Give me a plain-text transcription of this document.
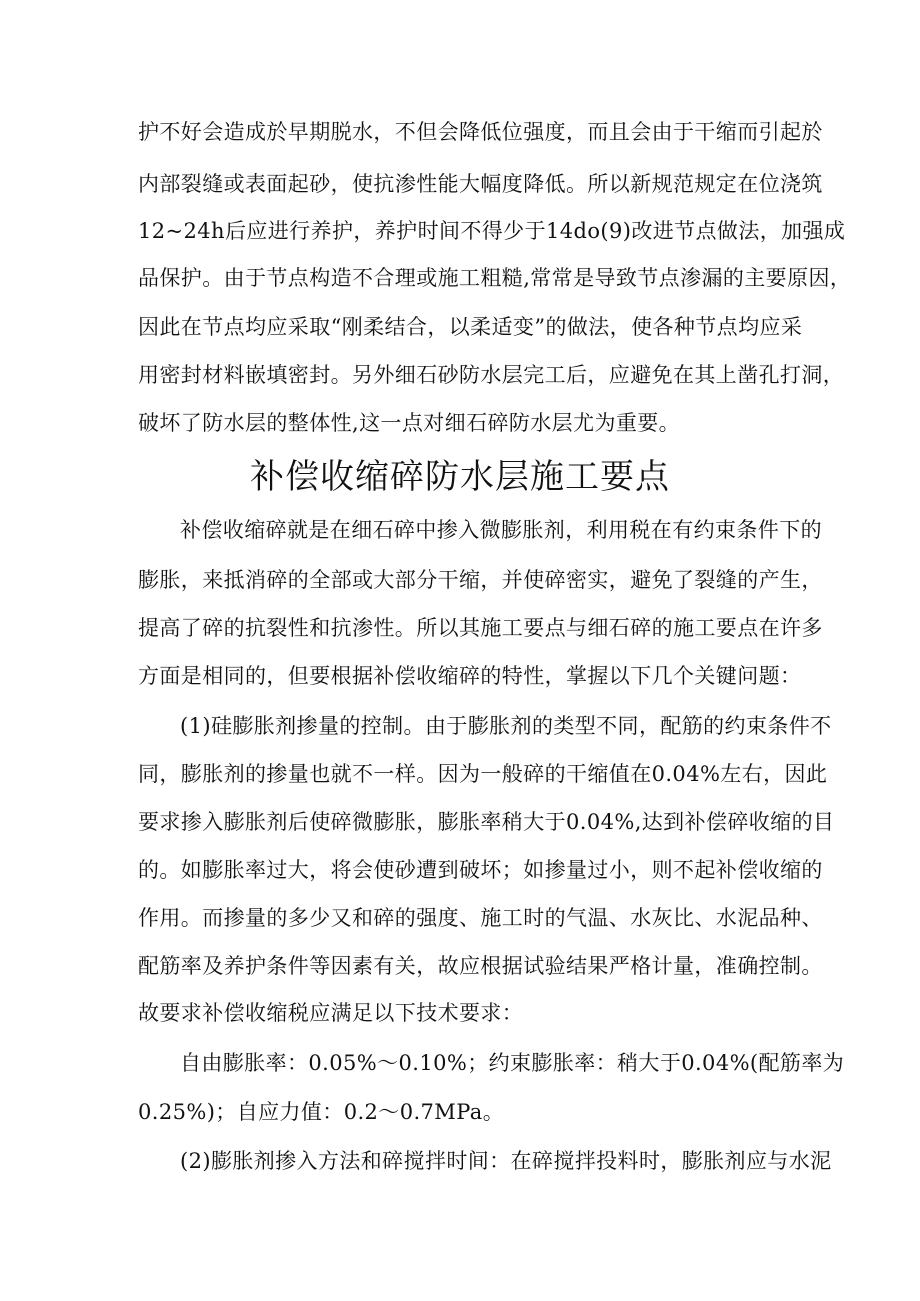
护不好会造成於早期脱水，不但会降低位强度，而且会由于干缩而引起於
内部裂缝或表面起砂，使抗渗性能大幅度降低。所以新规范规定在位浇筑
12~24h后应进行养护，养护时间不得少于14do(9)改进节点做法，加强成
品保护。由于节点构造不合理或施工粗糙,常常是导致节点渗漏的主要原因，
因此在节点均应采取“刚柔结合，以柔适变”的做法，使各种节点均应采
用密封材料嵌填密封。另外细石砂防水层完工后，应避免在其上凿孔打洞，
破坏了防水层的整体性,这一点对细石碎防水层尤为重要。
补偿收缩碎防水层施工要点
补偿收缩碎就是在细石碎中掺入微膨胀剂，利用税在有约束条件下的
膨胀，来抵消碎的全部或大部分干缩，并使碎密实，避免了裂缝的产生，
提高了碎的抗裂性和抗渗性。所以其施工要点与细石碎的施工要点在许多
方面是相同的，但要根据补偿收缩碎的特性，掌握以下几个关键问题：
(1)硅膨胀剂掺量的控制。由于膨胀剂的类型不同，配筋的约束条件不
同，膨胀剂的掺量也就不一样。因为一般碎的干缩值在0.04%左右，因此
要求掺入膨胀剂后使碎微膨胀，膨胀率稍大于0.04%,达到补偿碎收缩的目
的。如膨胀率过大，将会使砂遭到破坏；如掺量过小，则不起补偿收缩的
作用。而掺量的多少又和碎的强度、施工时的气温、水灰比、水泥品种、
配筋率及养护条件等因素有关，故应根据试验结果严格计量，准确控制。
故要求补偿收缩税应满足以下技术要求：
自由膨胀率：0.05%～0.10%；约束膨胀率：稍大于0.04%(配筋率为
0.25%)；自应力值：0.2～0.7MPa。
(2)膨胀剂掺入方法和碎搅拌时间：在碎搅拌投料时，膨胀剂应与水泥
